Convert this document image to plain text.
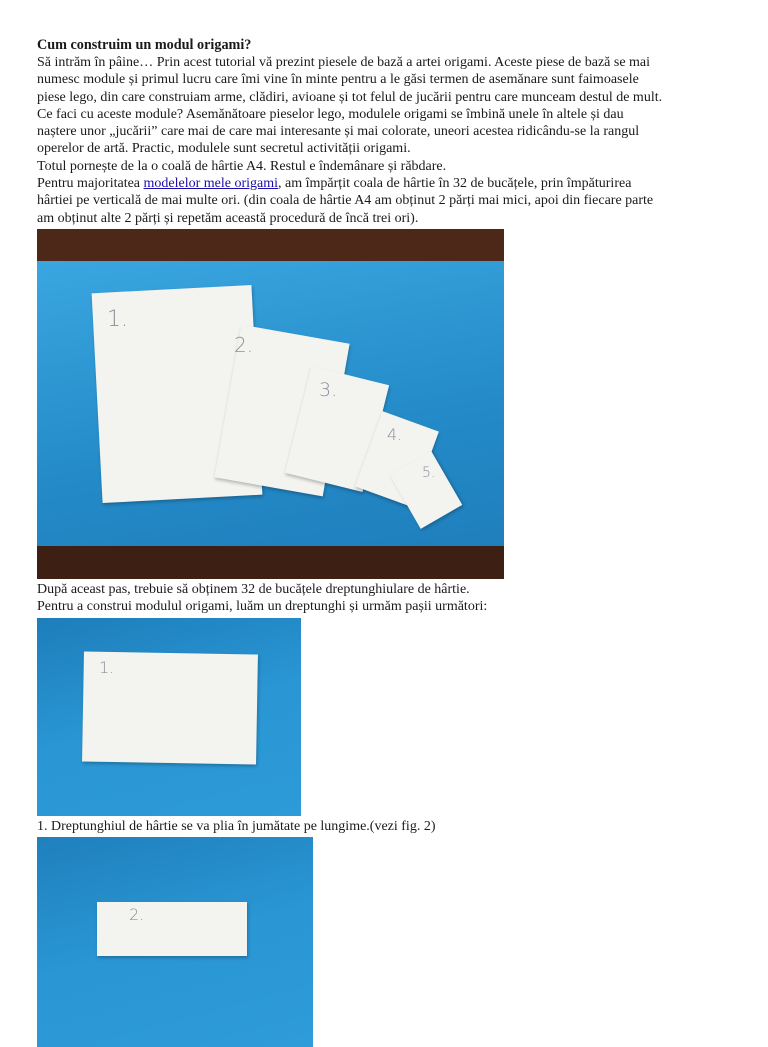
Cum construim un modul origami?

Să intrăm în pâine… Prin acest tutorial vă prezint piesele de bază a artei origami. Aceste piese de bază se mai

numesc module și primul lucru care îmi vine în minte pentru a le găsi termen de asemănare sunt faimoasele

piese lego, din care construiam arme, clădiri, avioane și tot felul de jucării pentru care munceam destul de mult.

Ce faci cu aceste module? Asemănătoare pieselor lego, modulele origami se îmbină unele în altele și dau

naștere unor „jucării” care mai de care mai interesante și mai colorate, uneori acestea ridicându-se la rangul

operelor de artă. Practic, modulele sunt secretul activității origami.

Totul pornește de la o coală de hârtie A4. Restul e îndemânare și răbdare.

Pentru majoritatea modelelor mele origami, am împărțit coala de hârtie în 32 de bucățele, prin împăturirea

hârtiei pe verticală de mai multe ori. (din coala de hârtie A4 am obținut 2 părți mai mici, apoi din fiecare parte

am obținut alte 2 părți și repetăm această procedură de încă trei ori).

1.
2.
3.
4.
5.

După aceast pas, trebuie să obținem 32 de bucățele dreptunghiulare de hârtie.

Pentru a construi modulul origami, luăm un dreptunghi și urmăm pașii următori:

1.

1. Dreptunghiul de hârtie se va plia în jumătate pe lungime.(vezi fig. 2)

2.
